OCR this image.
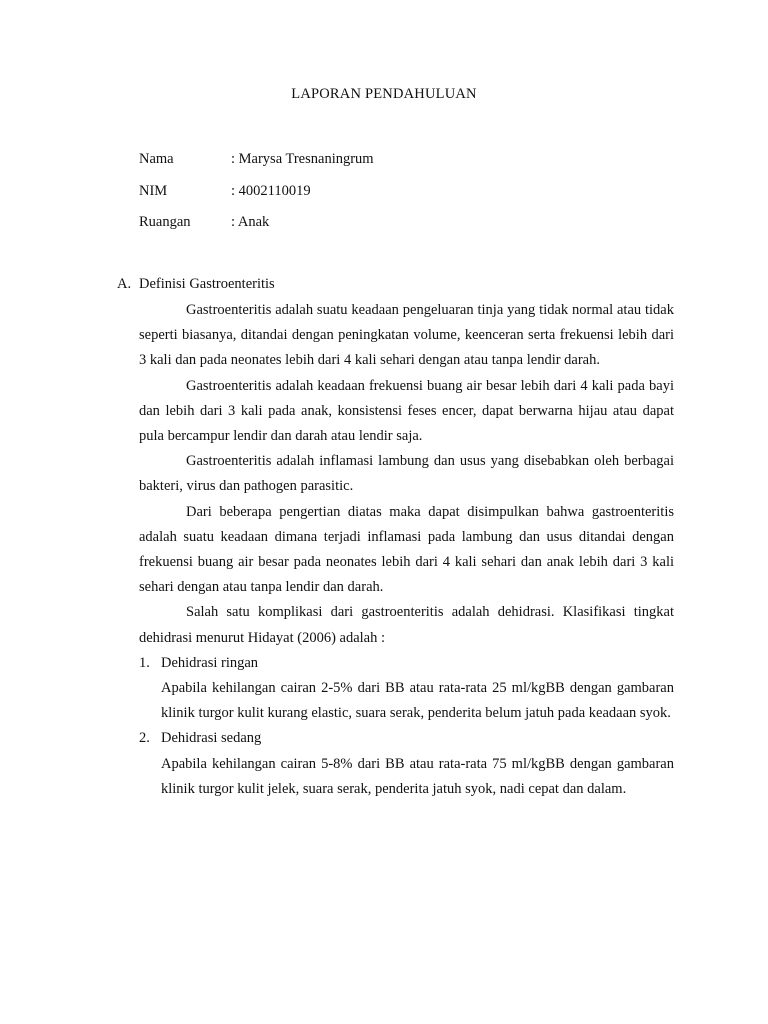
LAPORAN PENDAHULUAN
Nama	: Marysa Tresnaningrum
NIM	: 4002110019
Ruangan	: Anak
A. Definisi Gastroenteritis

Gastroenteritis adalah suatu keadaan pengeluaran tinja yang tidak normal atau tidak seperti biasanya, ditandai dengan peningkatan volume, keenceran serta frekuensi lebih dari 3 kali dan pada neonates lebih dari 4 kali sehari dengan atau tanpa lendir darah.

Gastroenteritis adalah keadaan frekuensi buang air besar lebih dari 4 kali pada bayi dan lebih dari 3 kali pada anak, konsistensi feses encer, dapat berwarna hijau atau dapat pula bercampur lendir dan darah atau lendir saja.

Gastroenteritis adalah inflamasi lambung dan usus yang disebabkan oleh berbagai bakteri, virus dan pathogen parasitic.

Dari beberapa pengertian diatas maka dapat disimpulkan bahwa gastroenteritis adalah suatu keadaan dimana terjadi inflamasi pada lambung dan usus ditandai dengan frekuensi buang air besar pada neonates lebih dari 4 kali sehari dan anak lebih dari 3 kali sehari dengan atau tanpa lendir dan darah.

Salah satu komplikasi dari gastroenteritis adalah dehidrasi. Klasifikasi tingkat dehidrasi menurut Hidayat (2006) adalah :

1. Dehidrasi ringan
Apabila kehilangan cairan 2-5% dari BB atau rata-rata 25 ml/kgBB dengan gambaran klinik turgor kulit kurang elastic, suara serak, penderita belum jatuh pada keadaan syok.
2. Dehidrasi sedang
Apabila kehilangan cairan 5-8% dari BB atau rata-rata 75 ml/kgBB dengan gambaran klinik turgor kulit jelek, suara serak, penderita jatuh syok, nadi cepat dan dalam.
